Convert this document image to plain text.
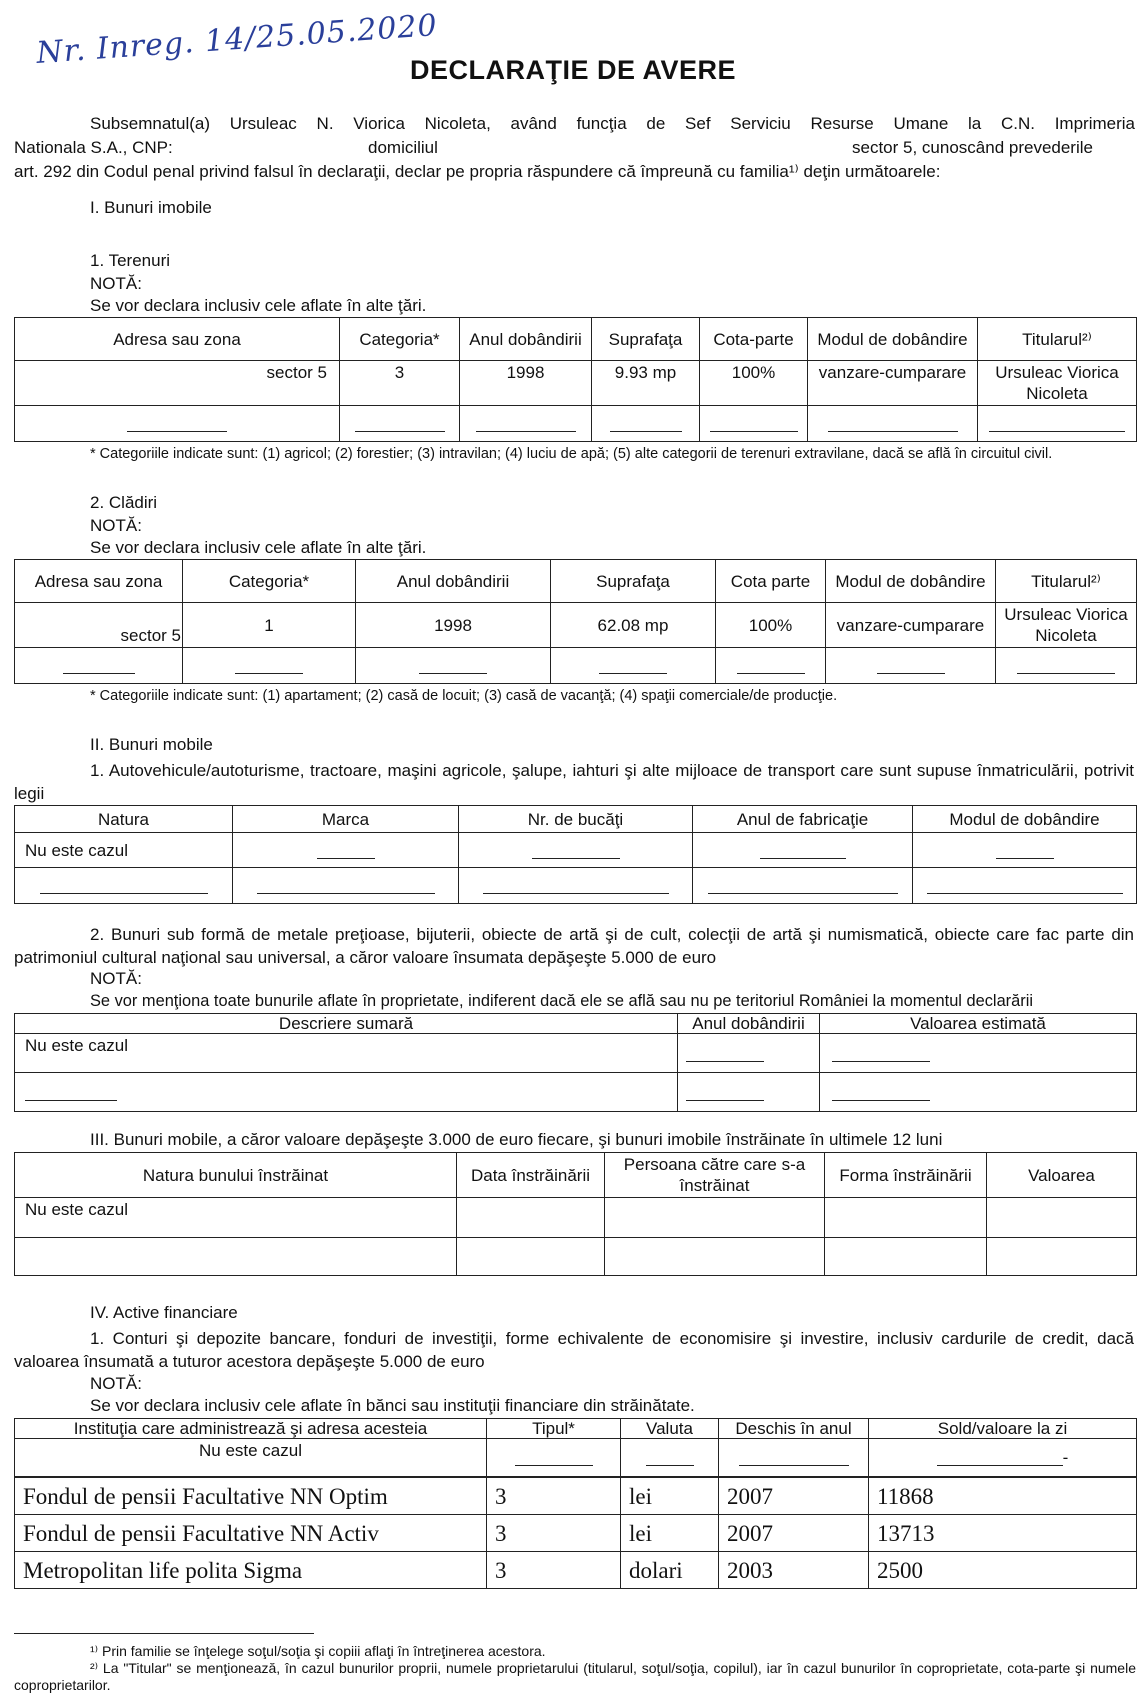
Nr. Inreg. 14/25.05.2020
DECLARAŢIE DE AVERE
Subsemnatul(a) Ursuleac N. Viorica Nicoleta, având funcţia de Sef Serviciu Resurse Umane la C.N. Imprimeria
Nationala S.A., CNP:	domiciliul	sector 5, cunoscând prevederile
art. 292 din Codul penal privind falsul în declaraţii, declar pe propria răspundere că împreună cu familia¹⁾ deţin următoarele:
I. Bunuri imobile
1. Terenuri
NOTĂ:
Se vor declara inclusiv cele aflate în alte ţări.
Adresa sau zona	Categoria*	Anul dobândirii	Suprafaţa	Cota-parte	Modul de dobândire	Titularul²⁾
sector 5	3	1998	9.93 mp	100%	vanzare-cumparare	Ursuleac Viorica Nicoleta

* Categoriile indicate sunt: (1) agricol; (2) forestier; (3) intravilan; (4) luciu de apă; (5) alte categorii de terenuri extravilane, dacă se află în circuitul civil.
2. Clădiri
NOTĂ:
Se vor declara inclusiv cele aflate în alte ţări.
Adresa sau zona	Categoria*	Anul dobândirii	Suprafaţa	Cota parte	Modul de dobândire	Titularul²⁾
sector 5	1	1998	62.08 mp	100%	vanzare-cumparare	Ursuleac Viorica Nicoleta

* Categoriile indicate sunt: (1) apartament; (2) casă de locuit; (3) casă de vacanţă; (4) spaţii comerciale/de producţie.
II. Bunuri mobile

1. Autovehicule/autoturisme, tractoare, maşini agricole, şalupe, iahturi şi alte mijloace de transport care sunt supuse înmatriculării, potrivit legii

Natura	Marca	Nr. de bucăţi	Anul de fabricaţie	Modul de dobândire
Nu este cazul				

2. Bunuri sub formă de metale preţioase, bijuterii, obiecte de artă şi de cult, colecţii de artă şi numismatică, obiecte care fac parte din patrimoniul cultural naţional sau universal, a căror valoare însumata depăşeşte 5.000 de euro

NOTĂ:
Se vor menţiona toate bunurile aflate în proprietate, indiferent dacă ele se află sau nu pe teritoriul României la momentul declarării
Descriere sumară	Anul dobândirii	Valoarea estimată
Nu este cazul		

III. Bunuri mobile, a căror valoare depăşeşte 3.000 de euro fiecare, şi bunuri imobile înstrăinate în ultimele 12 luni
Natura bunului înstrăinat	Data înstrăinării	Persoana către care s-a înstrăinat	Forma înstrăinării	Valoarea
Nu este cazul				

IV. Active financiare

1. Conturi şi depozite bancare, fonduri de investiţii, forme echivalente de economisire şi investire, inclusiv cardurile de credit, dacă valoarea însumată a tuturor acestora depăşeşte 5.000 de euro

NOTĂ:
Se vor declara inclusiv cele aflate în bănci sau instituţii financiare din străinătate.
Instituţia care administrează şi adresa acesteia	Tipul*	Valuta	Deschis în anul	Sold/valoare la zi
Nu este cazul				-
Fondul de pensii Facultative NN Optim	3	lei	2007	11868
Fondul de pensii Facultative NN Activ	3	lei	2007	13713
Metropolitan life polita Sigma	3	dolari	2003	2500
¹⁾ Prin familie se înţelege soţul/soţia şi copiii aflaţi în întreţinerea acestora.
²⁾ La "Titular" se menţionează, în cazul bunurilor proprii, numele proprietarului (titularul, soţul/soţia, copilul), iar în cazul bunurilor în coproprietate, cota-parte şi numele coproprietarilor.
